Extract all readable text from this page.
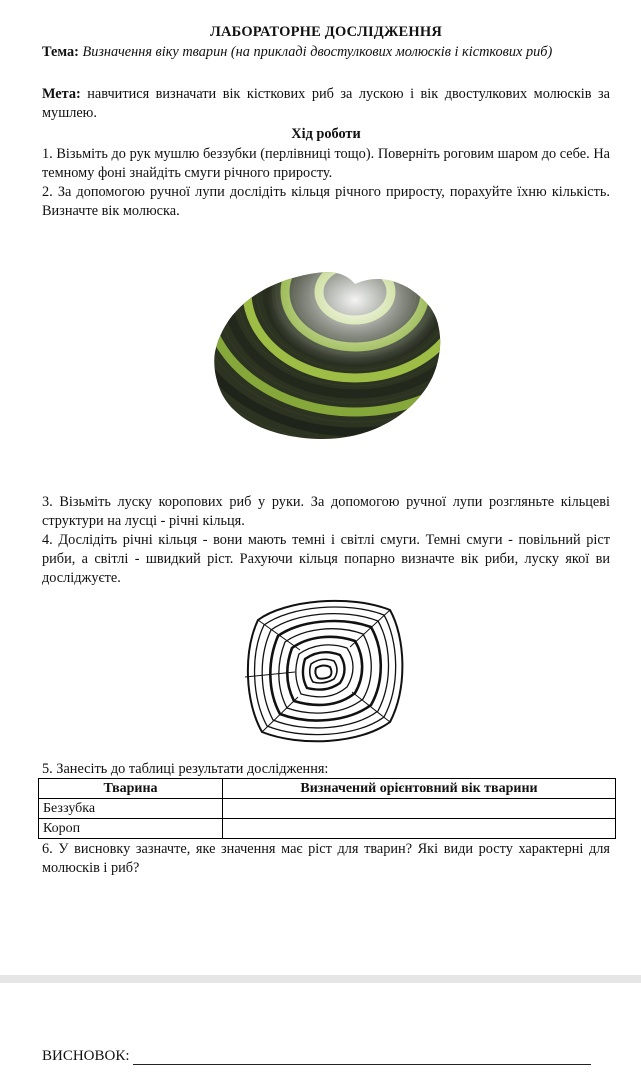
ЛАБОРАТОРНЕ ДОСЛІДЖЕННЯ
Тема: Визначення віку тварин (на прикладі двостулкових молюсків і кісткових риб)
Мета: навчитися визначати вік кісткових риб за лускою і вік двостулкових молюсків за мушлею.
Хід роботи

1. Візьміть до рук мушлю беззубки (перлівниці тощо). Поверніть роговим шаром до себе. На темному фоні знайдіть смуги річного приросту.

2. За допомогою ручної лупи дослідіть кільця річного приросту, порахуйте їхню кількість. Визначте вік молюска.

3. Візьміть луску коропових риб у руки. За допомогою ручної лупи розгляньте кільцеві структури на лусці - річні кільця.

4. Дослідіть річні кільця - вони мають темні і світлі смуги. Темні смуги - повільний ріст риби, а світлі - швидкий ріст. Рахуючи кільця попарно визначте вік риби, луску якої ви досліджуєте.

5. Занесіть до таблиці результати дослідження:
Тварина	Визначений орієнтовний вік тварини
Беззубка	
Короп	
6. У висновку зазначте, яке значення має ріст для тварин? Які види росту характерні для молюсків і риб?
ВИСНОВОК:
